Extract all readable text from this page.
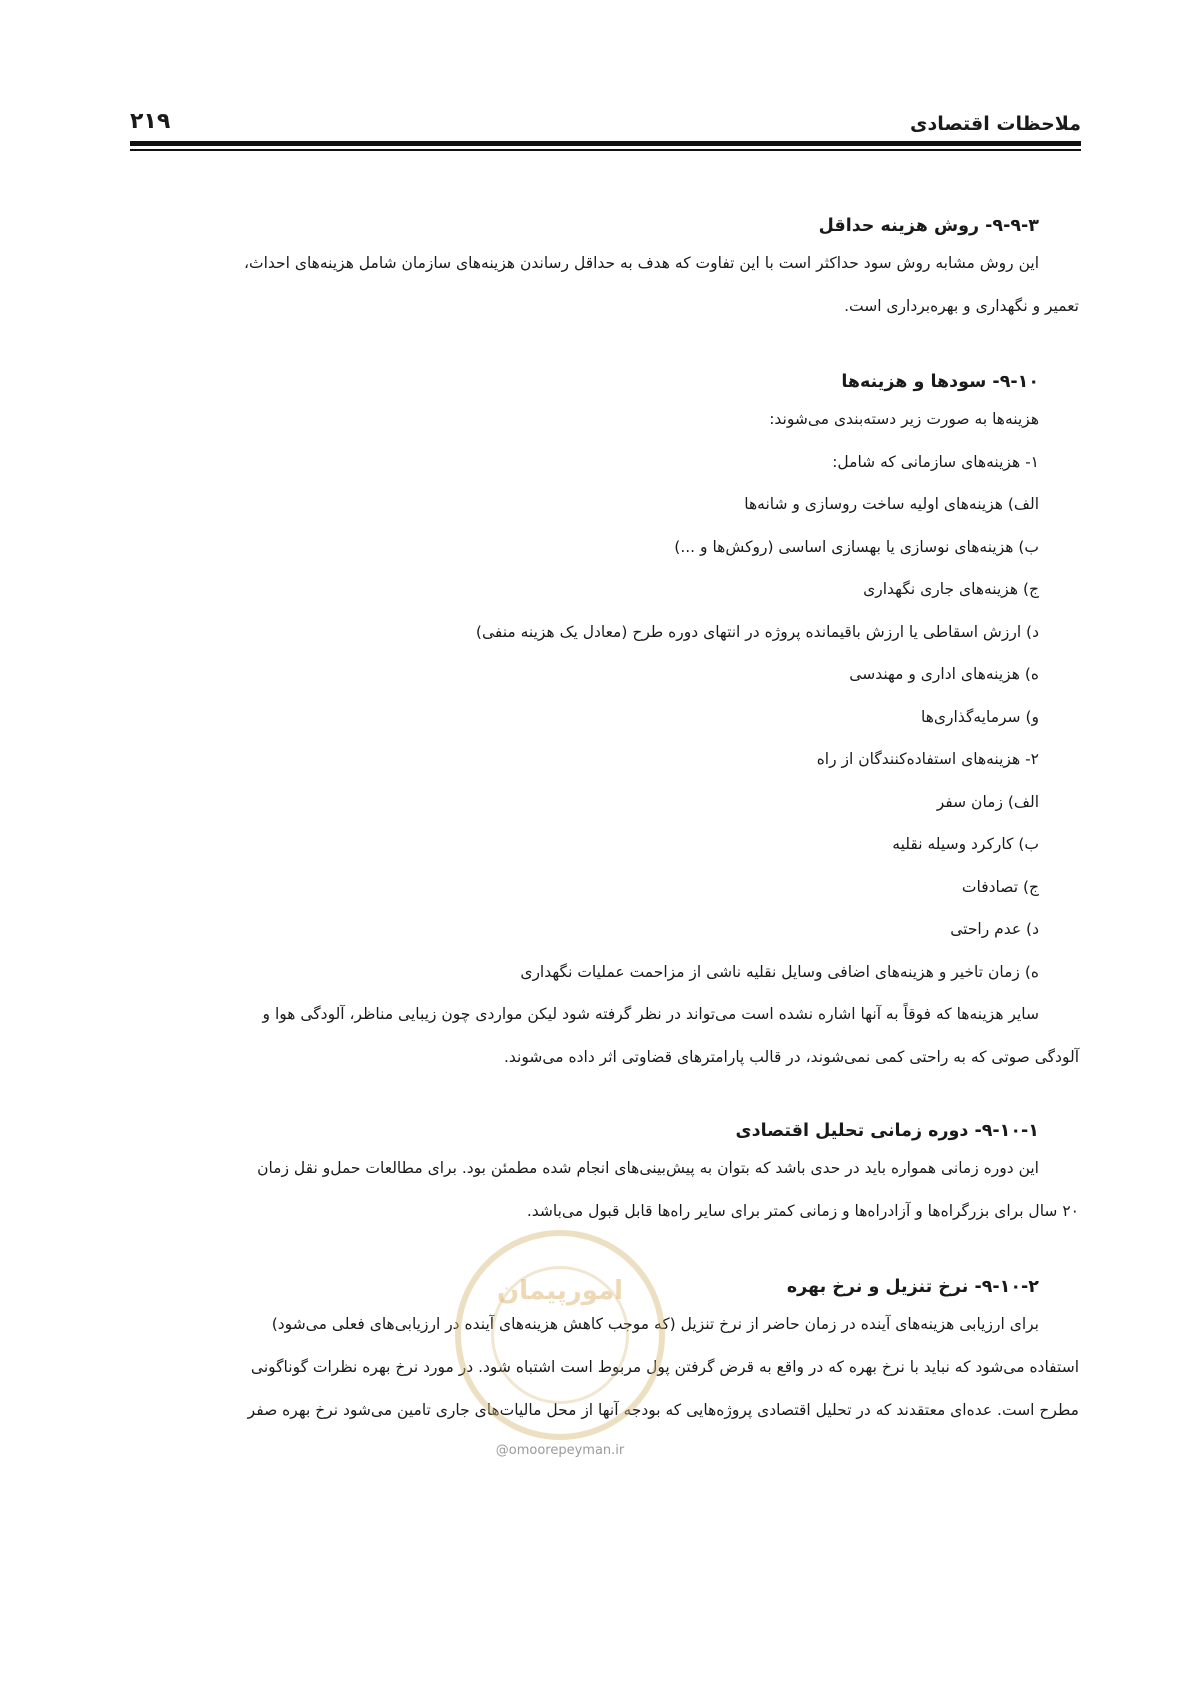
ملاحظات اقتصادی
۲۱۹
۹-۹-۳- روش هزینه حداقل

این روش مشابه روش سود حداکثر است با این تفاوت که هدف به حداقل رساندن هزینه‌های سازمان شامل هزینه‌های احداث،

تعمیر و نگهداری و بهره‌برداری است.

۹-۱۰- سودها و هزینه‌ها

هزینه‌ها به صورت زیر دسته‌بندی می‌شوند:

۱- هزینه‌های سازمانی که شامل:

الف) هزینه‌های اولیه ساخت روسازی و شانه‌ها

ب) هزینه‌های نوسازی یا بهسازی اساسی (روکش‌ها و ...)

ج) هزینه‌های جاری نگهداری

د) ارزش اسقاطی یا ارزش باقیمانده پروژه در انتهای دوره طرح (معادل یک هزینه منفی)

ه) هزینه‌های اداری و مهندسی

و) سرمایه‌گذاری‌ها

۲- هزینه‌های استفاده‌کنندگان از راه

الف) زمان سفر

ب) کارکرد وسیله نقلیه

ج) تصادفات

د) عدم راحتی

ه) زمان تاخیر و هزینه‌های اضافی وسایل نقلیه ناشی از مزاحمت عملیات نگهداری

سایر هزینه‌ها که فوقاً به آنها اشاره نشده است می‌تواند در نظر گرفته شود لیکن مواردی چون زیبایی مناظر، آلودگی هوا و

آلودگی صوتی که به راحتی کمی نمی‌شوند، در قالب پارامترهای قضاوتی اثر داده می‌شوند.

۹-۱۰-۱- دوره زمانی تحلیل اقتصادی

این دوره زمانی همواره باید در حدی باشد که بتوان به پیش‌بینی‌های انجام شده مطمئن بود. برای مطالعات حمل‌و نقل زمان

۲۰ سال برای بزرگراه‌ها و آزادراه‌ها و زمانی کمتر برای سایر راه‌ها قابل قبول می‌باشد.

۹-۱۰-۲- نرخ تنزیل و نرخ بهره

برای ارزیابی هزینه‌های آینده در زمان حاضر از نرخ تنزیل (که موجب کاهش هزینه‌های آینده در ارزیابی‌های فعلی می‌شود)

استفاده می‌شود که نباید با نرخ بهره که در واقع به قرض گرفتن پول مربوط است اشتباه شود. در مورد نرخ بهره نظرات گوناگونی

مطرح است. عده‌ای معتقدند که در تحلیل اقتصادی پروژه‌هایی که بودجه آنها از محل مالیات‌های جاری تامین می‌شود نرخ بهره صفر

امورپیمان
@omoorepeyman.ir
